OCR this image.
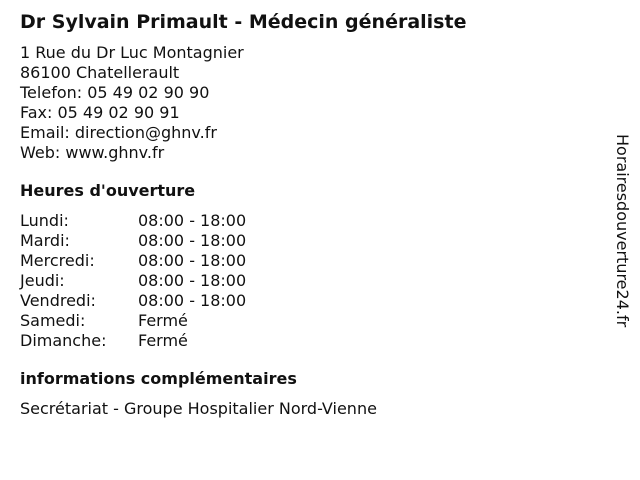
Dr Sylvain Primault - Médecin généraliste
1 Rue du Dr Luc Montagnier
86100 Chatellerault
Telefon: 05 49 02 90 90
Fax: 05 49 02 90 91
Email: direction@ghnv.fr
Web: www.ghnv.fr
Heures d'ouverture
Lundi:	08:00 - 18:00
Mardi:	08:00 - 18:00
Mercredi:	08:00 - 18:00
Jeudi:	08:00 - 18:00
Vendredi:	08:00 - 18:00
Samedi:	Fermé
Dimanche:	Fermé
informations complémentaires
Secrétariat - Groupe Hospitalier Nord-Vienne
Horairesdouverture24.fr
